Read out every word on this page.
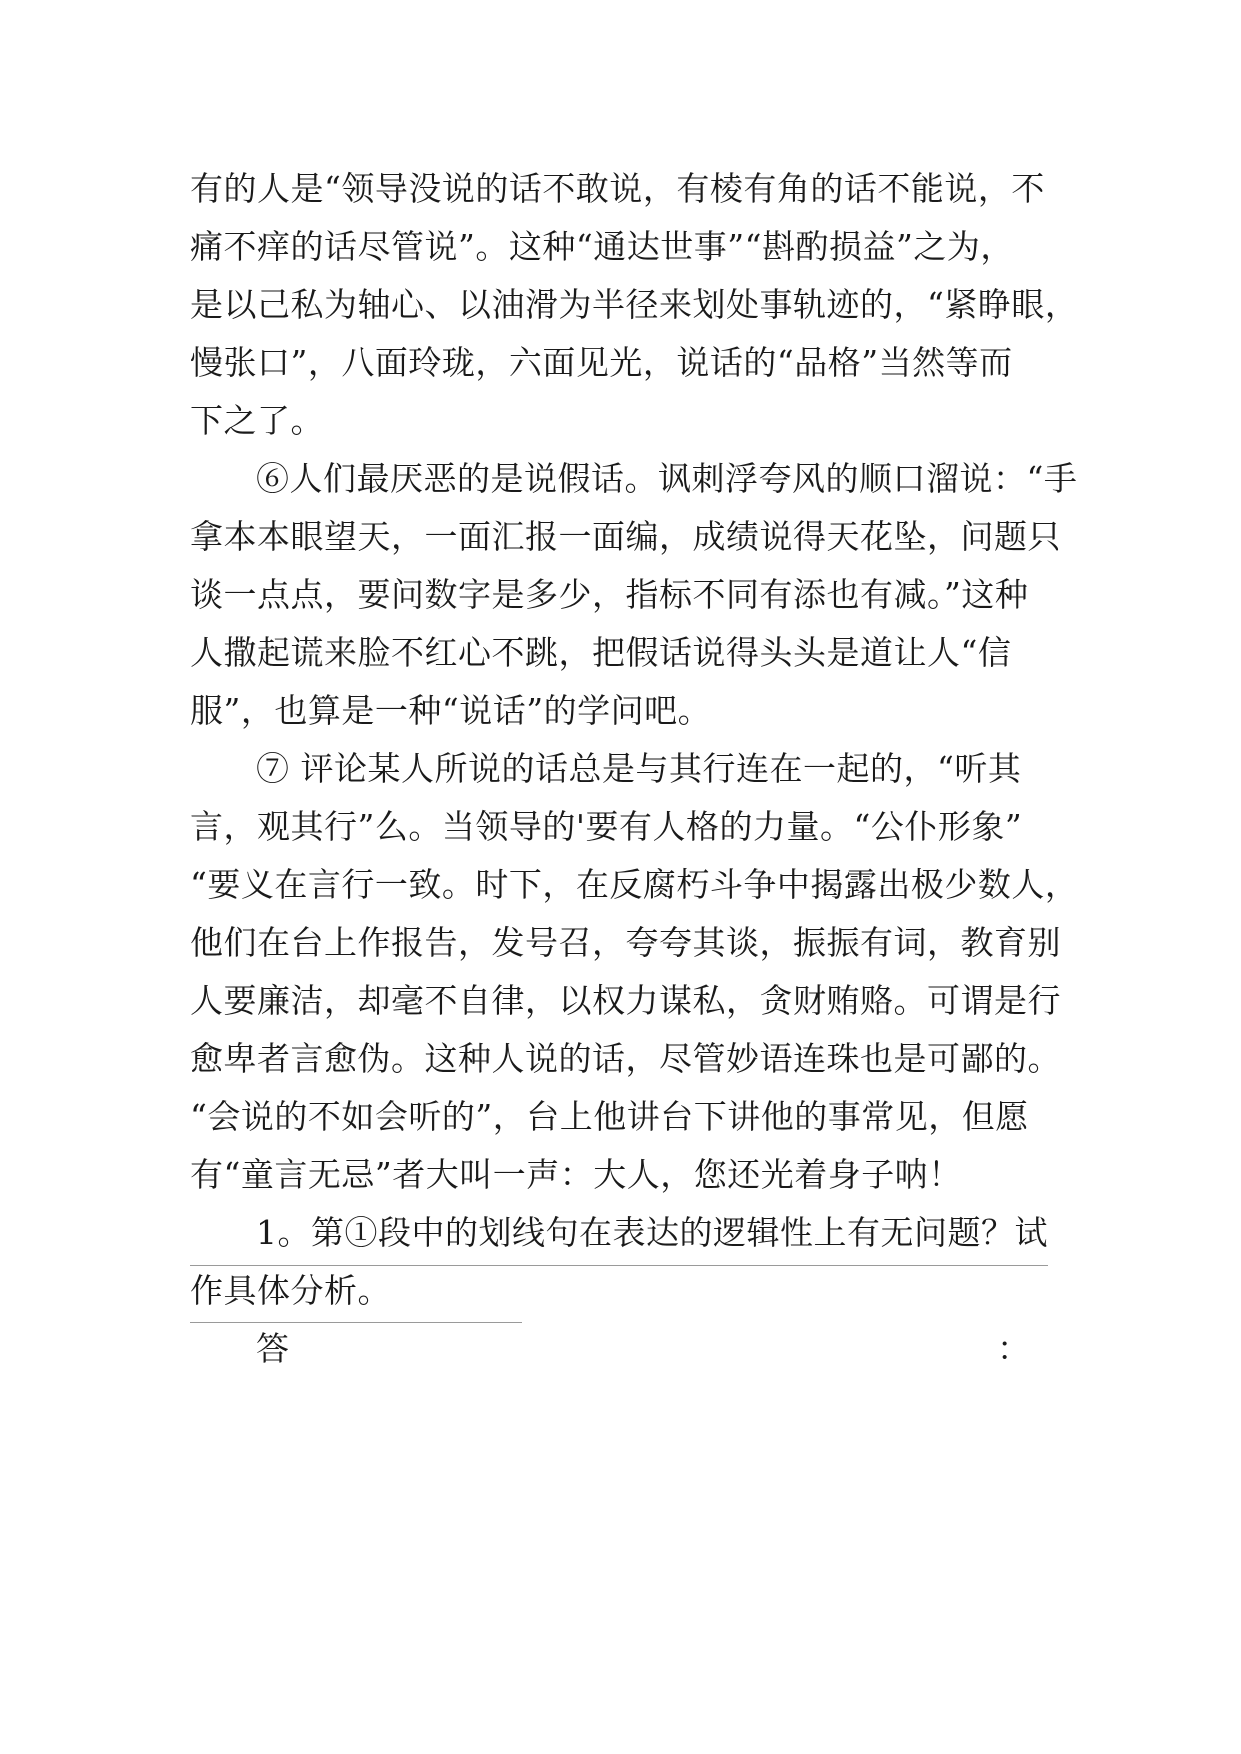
有的人是“领导没说的话不敢说，有棱有角的话不能说，不
痛不痒的话尽管说”。这种“通达世事”“斟酌损益”之为，
是以己私为轴心、以油滑为半径来划处事轨迹的，“紧睁眼，
慢张口”，八面玲珑，六面见光，说话的“品格”当然等而
下之了。
⑥人们最厌恶的是说假话。讽刺浮夸风的顺口溜说：“手
拿本本眼望天，一面汇报一面编，成绩说得天花坠，问题只
谈一点点，要问数字是多少，指标不同有添也有减。”这种
人撒起谎来脸不红心不跳，把假话说得头头是道让人“信
服”，也算是一种“说话”的学问吧。
⑦ 评论某人所说的话总是与其行连在一起的，“听其
言，观其行”么。当领导的'要有人格的力量。“公仆形象”
“要义在言行一致。时下，在反腐朽斗争中揭露出极少数人，
他们在台上作报告，发号召，夸夸其谈，振振有词，教育别
人要廉洁，却毫不自律，以权力谋私，贪财贿赂。可谓是行
愈卑者言愈伪。这种人说的话，尽管妙语连珠也是可鄙的。
“会说的不如会听的”，台上他讲台下讲他的事常见，但愿
有“童言无忌”者大叫一声：大人，您还光着身子呐！
1。第①段中的划线句在表达的逻辑性上有无问题？试
作具体分析。
答	：
